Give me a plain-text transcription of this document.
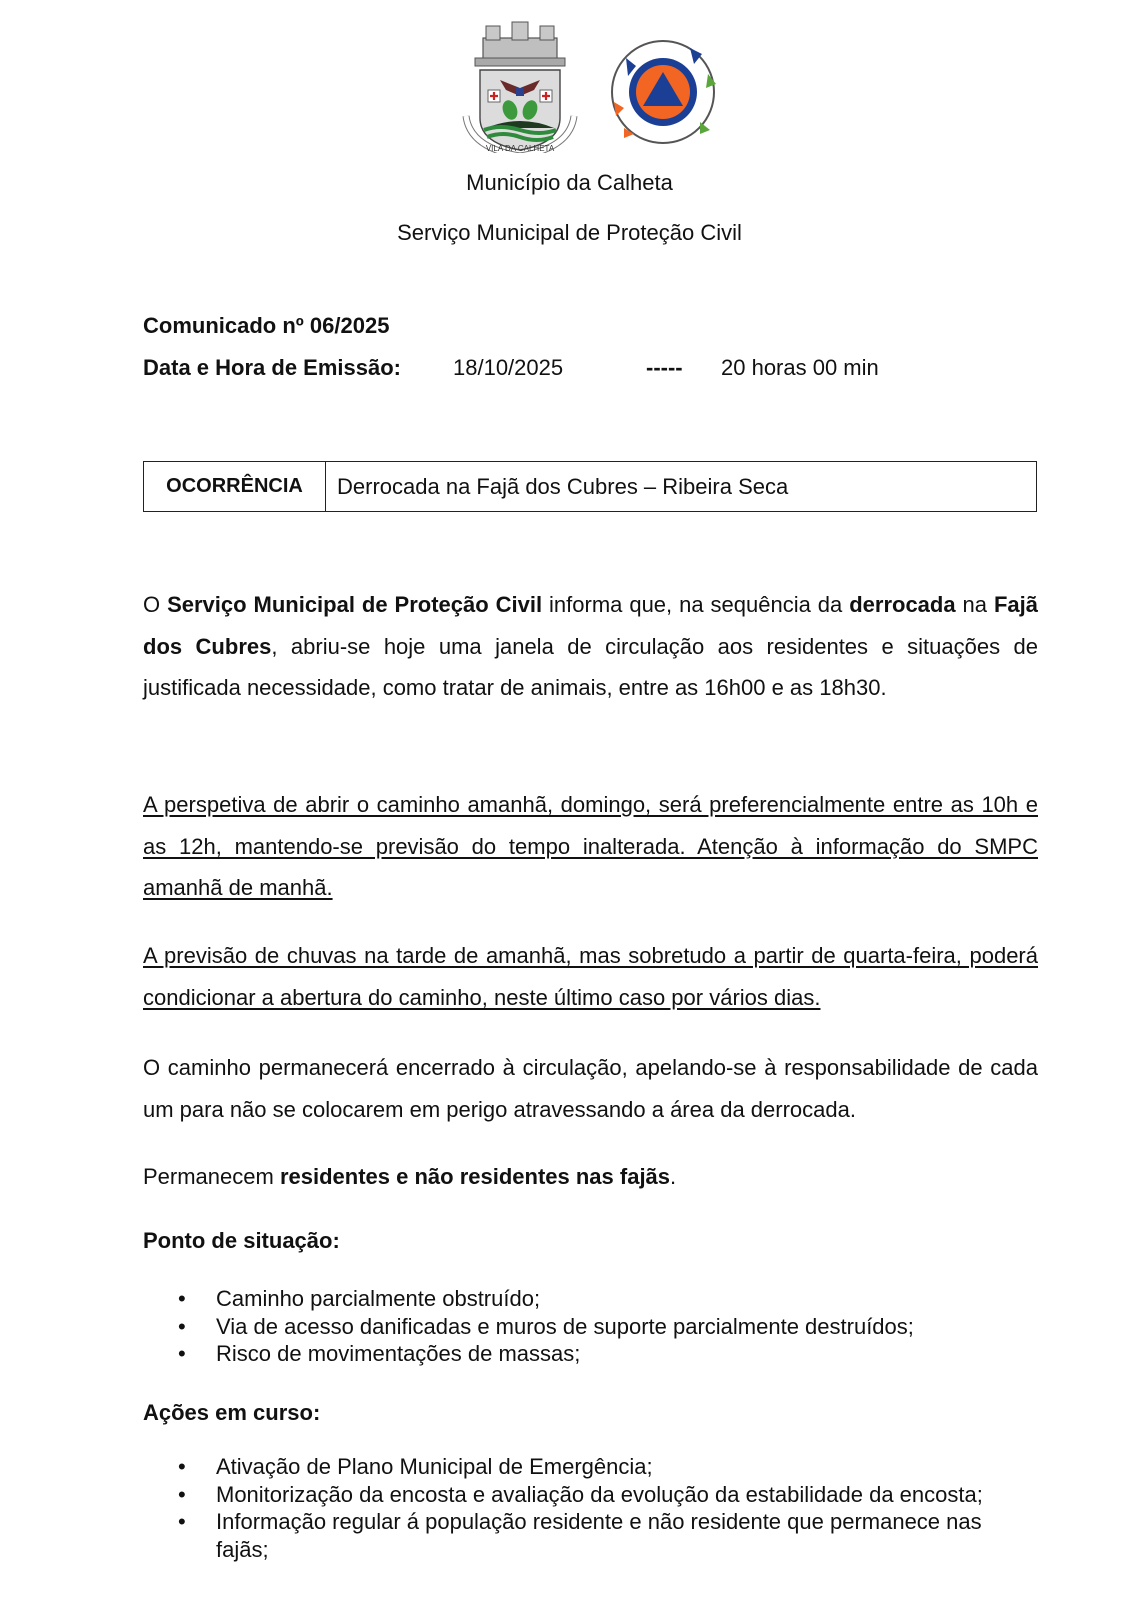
VILA DA CALHETA
Município da Calheta
Serviço Municipal de Proteção Civil
Comunicado nº 06/2025
Data e Hora de Emissão: 18/10/2025	----- 20 horas 00 min
OCORRÊNCIA	Derrocada na Fajã dos Cubres – Ribeira Seca
O Serviço Municipal de Proteção Civil informa que, na sequência da derrocada na Fajã dos Cubres, abriu-se hoje uma janela de circulação aos residentes e situações de justificada necessidade, como tratar de animais, entre as 16h00 e as 18h30.
A perspetiva de abrir o caminho amanhã, domingo, será preferencialmente entre as 10h e as 12h, mantendo-se previsão do tempo inalterada. Atenção à informação do SMPC amanhã de manhã.
A previsão de chuvas na tarde de amanhã, mas sobretudo a partir de quarta-feira, poderá condicionar a abertura do caminho, neste último caso por vários dias.
O caminho permanecerá encerrado à circulação, apelando-se à responsabilidade de cada um para não se colocarem em perigo atravessando a área da derrocada.
Permanecem residentes e não residentes nas fajãs.
Ponto de situação:
• Caminho parcialmente obstruído;
• Via de acesso danificadas e muros de suporte parcialmente destruídos;
• Risco de movimentações de massas;
Ações em curso:
• Ativação de Plano Municipal de Emergência;
• Monitorização da encosta e avaliação da evolução da estabilidade da encosta;
• Informação regular á população residente e não residente que permanece nas fajãs;
